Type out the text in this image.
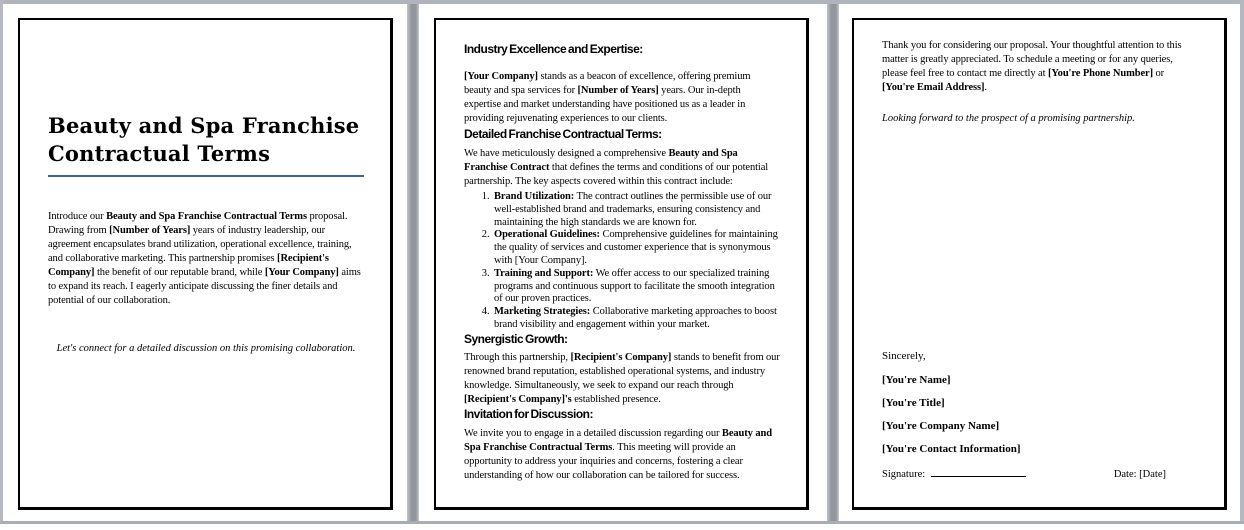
Beauty and Spa Franchise Contractual Terms

Introduce our Beauty and Spa Franchise Contractual Terms proposal. Drawing from [Number of Years] years of industry leadership, our agreement encapsulates brand utilization, operational excellence, training, and collaborative marketing. This partnership promises [Recipient's Company] the benefit of our reputable brand, while [Your Company] aims to expand its reach. I eagerly anticipate discussing the finer details and potential of our collaboration.

Let's connect for a detailed discussion on this promising collaboration.

Industry Excellence and Expertise:

[Your Company] stands as a beacon of excellence, offering premium beauty and spa services for [Number of Years] years. Our in-depth expertise and market understanding have positioned us as a leader in providing rejuvenating experiences to our clients.

Detailed Franchise Contractual Terms:

We have meticulously designed a comprehensive Beauty and Spa Franchise Contract that defines the terms and conditions of our potential partnership. The key aspects covered within this contract include:

1. Brand Utilization: The contract outlines the permissible use of our well-established brand and trademarks, ensuring consistency and maintaining the high standards we are known for.
2. Operational Guidelines: Comprehensive guidelines for maintaining the quality of services and customer experience that is synonymous with [Your Company].
3. Training and Support: We offer access to our specialized training programs and continuous support to facilitate the smooth integration of our proven practices.
4. Marketing Strategies: Collaborative marketing approaches to boost brand visibility and engagement within your market.
Synergistic Growth:

Through this partnership, [Recipient's Company] stands to benefit from our renowned brand reputation, established operational systems, and industry knowledge. Simultaneously, we seek to expand our reach through [Recipient's Company]'s established presence.

Invitation for Discussion:

We invite you to engage in a detailed discussion regarding our Beauty and Spa Franchise Contractual Terms. This meeting will provide an opportunity to address your inquiries and concerns, fostering a clear understanding of how our collaboration can be tailored for success.

Thank you for considering our proposal. Your thoughtful attention to this matter is greatly appreciated. To schedule a meeting or for any queries, please feel free to contact me directly at [You're Phone Number] or [You're Email Address].

Looking forward to the prospect of a promising partnership.

Sincerely,

[You're Name]

[You're Title]

[You're Company Name]

[You're Contact Information]

Signature:	Date: [Date]
